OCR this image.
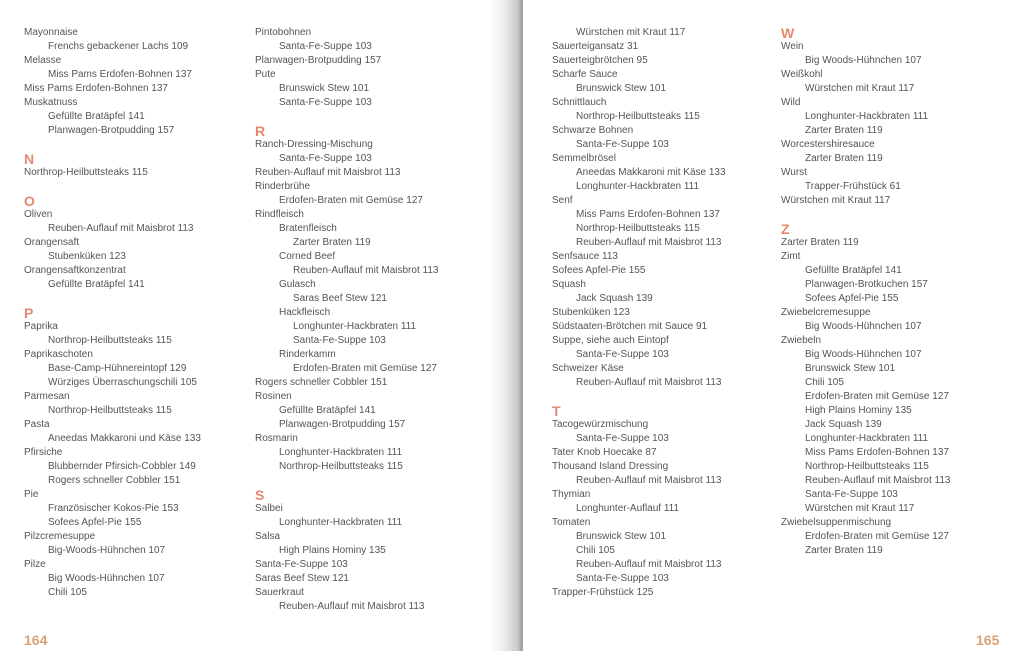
Mayonnaise
Frenchs gebackener Lachs 109
Melasse
Miss Pams Erdofen-Bohnen 137
Miss Pams Erdofen-Bohnen 137
Muskatnuss
Gefüllte Bratäpfel 141
Planwagen-Brotpudding 157
N
Northrop-Heilbuttsteaks 115
O
Oliven
Reuben-Auflauf mit Maisbrot 113
Orangensaft
Stubenküken 123
Orangensaftkonzentrat
Gefüllte Bratäpfel 141
P
Paprika
Northrop-Heilbuttsteaks 115
Paprikaschoten
Base-Camp-Hühnereintopf 129
Würziges Überraschungschili 105
Parmesan
Northrop-Heilbuttsteaks 115
Pasta
Aneedas Makkaroni und Käse 133
Pfirsiche
Blubbernder Pfirsich-Cobbler 149
Rogers schneller Cobbler 151
Pie
Französischer Kokos-Pie 153
Sofees Apfel-Pie 155
Pilzcremesuppe
Big-Woods-Hühnchen 107
Pilze
Big Woods-Hühnchen 107
Chili 105
Pintobohnen
Santa-Fe-Suppe 103
Planwagen-Brotpudding 157
Pute
Brunswick Stew 101
Santa-Fe-Suppe 103
R
Ranch-Dressing-Mischung
Santa-Fe-Suppe 103
Reuben-Auflauf mit Maisbrot 113
Rinderbrühe
Erdofen-Braten mit Gemüse 127
Rindfleisch
Bratenfleisch
Zarter Braten 119
Corned Beef
Reuben-Auflauf mit Maisbrot 113
Gulasch
Saras Beef Stew 121
Hackfleisch
Longhunter-Hackbraten 111
Santa-Fe-Suppe 103
Rinderkamm
Erdofen-Braten mit Gemüse 127
Rogers schneller Cobbler 151
Rosinen
Gefüllte Bratäpfel 141
Planwagen-Brotpudding 157
Rosmarin
Longhunter-Hackbraten 111
Northrop-Heilbuttsteaks 115
S
Salbei
Longhunter-Hackbraten 111
Salsa
High Plains Hominy 135
Santa-Fe-Suppe 103
Saras Beef Stew 121
Sauerkraut
Reuben-Auflauf mit Maisbrot 113
164
Würstchen mit Kraut 117
Sauerteigansatz 31
Sauerteigbrötchen 95
Scharfe Sauce
Brunswick Stew 101
Schnittlauch
Northrop-Heilbuttsteaks 115
Schwarze Bohnen
Santa-Fe-Suppe 103
Semmelbrösel
Aneedas Makkaroni mit Käse 133
Longhunter-Hackbraten 111
Senf
Miss Pams Erdofen-Bohnen 137
Northrop-Heilbuttsteaks 115
Reuben-Auflauf mit Maisbrot 113
Senfsauce 113
Sofees Apfel-Pie 155
Squash
Jack Squash 139
Stubenküken 123
Südstaaten-Brötchen mit Sauce 91
Suppe, siehe auch Eintopf
Santa-Fe-Suppe 103
Schweizer Käse
Reuben-Auflauf mit Maisbrot 113
T
Tacogewürzmischung
Santa-Fe-Suppe 103
Tater Knob Hoecake 87
Thousand Island Dressing
Reuben-Auflauf mit Maisbrot 113
Thymian
Longhunter-Auflauf 111
Tomaten
Brunswick Stew 101
Chili 105
Reuben-Auflauf mit Maisbrot 113
Santa-Fe-Suppe 103
Trapper-Frühstück 125
W
Wein
Big Woods-Hühnchen 107
Weißkohl
Würstchen mit Kraut 117
Wild
Longhunter-Hackbraten 111
Zarter Braten 119
Worcestershiresauce
Zarter Braten 119
Wurst
Trapper-Frühstück 61
Würstchen mit Kraut 117
Z
Zarter Braten 119
Zimt
Gefüllte Bratäpfel 141
Planwagen-Brotkuchen 157
Sofees Apfel-Pie 155
Zwiebelcremesuppe
Big Woods-Hühnchen 107
Zwiebeln
Big Woods-Hühnchen 107
Brunswick Stew 101
Chili 105
Erdofen-Braten mit Gemüse 127
High Plains Hominy 135
Jack Squash 139
Longhunter-Hackbraten 111
Miss Pams Erdofen-Bohnen 137
Northrop-Heilbuttsteaks 115
Reuben-Auflauf mit Maisbrot 113
Santa-Fe-Suppe 103
Würstchen mit Kraut 117
Zwiebelsuppenmischung
Erdofen-Braten mit Gemüse 127
Zarter Braten 119
165
